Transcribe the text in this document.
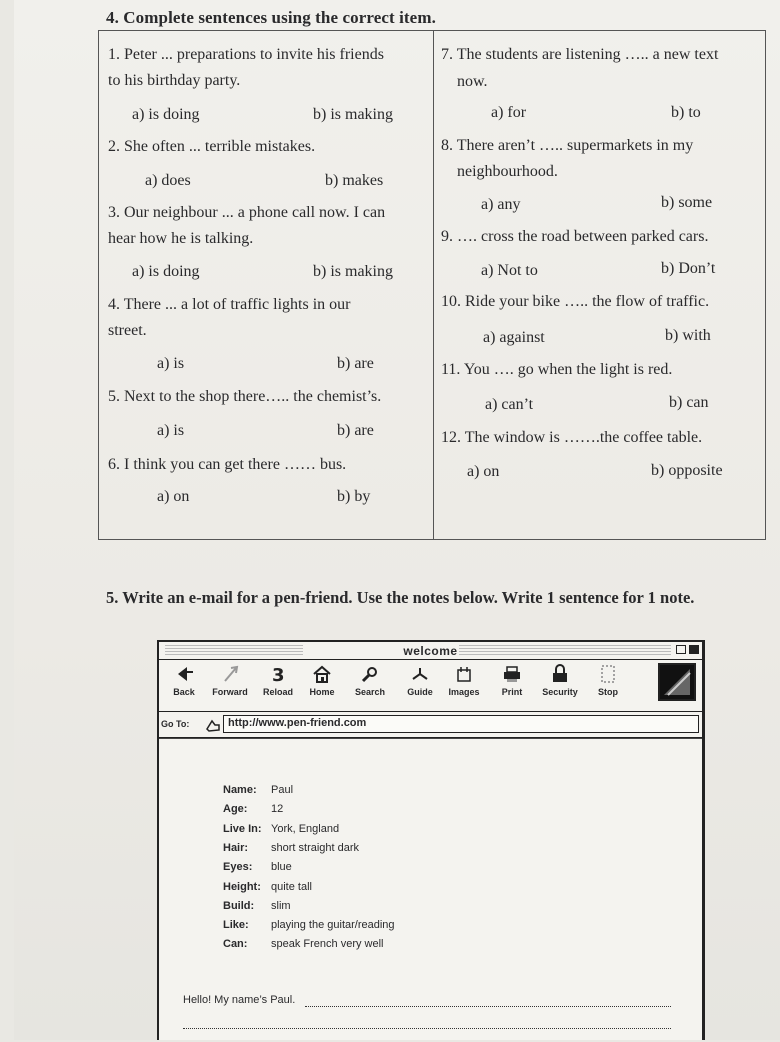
4. Complete sentences using the correct item.
1. Peter ... preparations to invite his friends
to his birthday party.
a) is doing	b) is making
2. She often ... terrible mistakes.
a) does	b) makes
3. Our neighbour ... a phone call now. I can
hear how he is talking.
a) is doing	b) is making
4. There ... a lot of traffic lights in our
street.
a) is	b) are
5. Next to the shop there….. the chemist’s.
a) is	b) are
6. I think you can get there …… bus.
a) on	b) by
7. The students are listening ….. a new text
now.
a) for	b) to
8. There aren’t ….. supermarkets in my
neighbourhood.
a) any	b) some
9. …. cross the road between parked cars.
a) Not to	b) Don’t
10. Ride your bike ….. the flow of traffic.
a) against	b) with
11. You …. go when the light is red.
a) can’t	b) can
12. The window is …….the coffee table.
a) on	b) opposite
5. Write an e-mail for a pen-friend. Use the notes below. Write 1 sentence for 1 note.
welcome
Back	Forward
3
Reload Home Search Guide Images	Print	Security	Stop
Go To:	http://www.pen-friend.com
Name: Paul
Age: 12
Live In: York, England
Hair: short straight dark
Eyes: blue
Height: quite tall
Build: slim
Like: playing the guitar/reading
Can: speak French very well
Hello! My name’s Paul.
